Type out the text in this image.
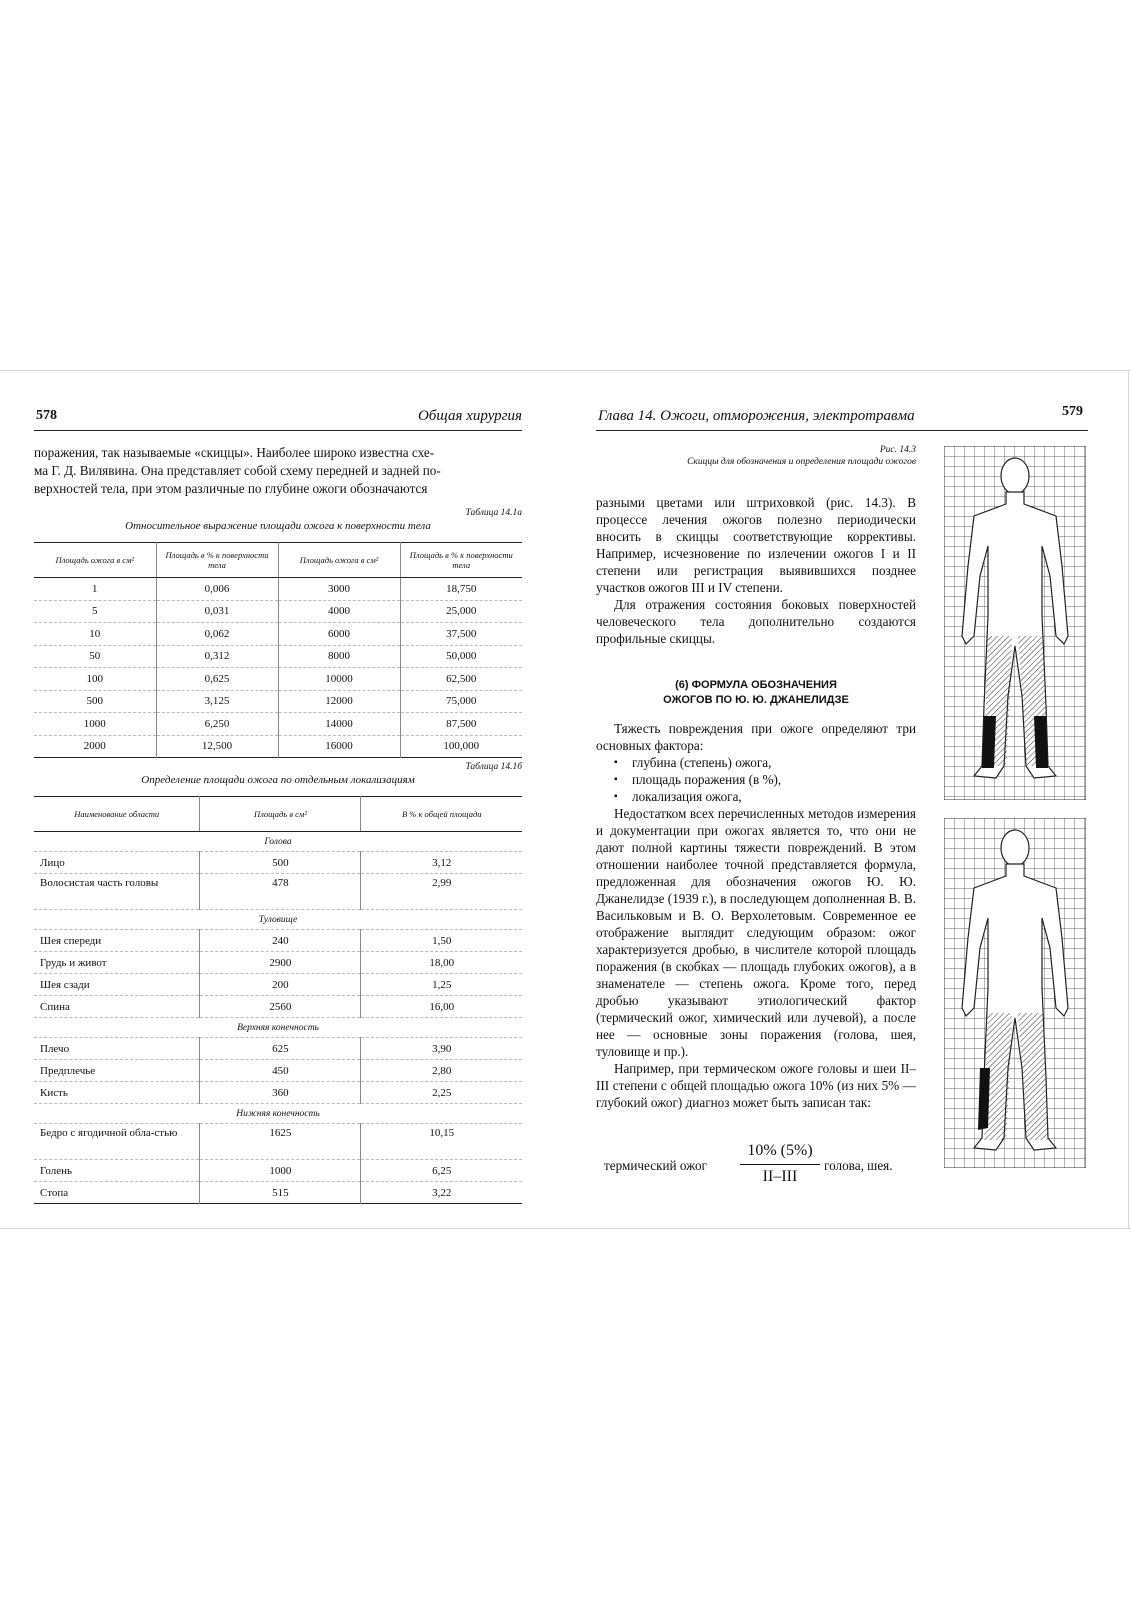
578	Общая хирургия
поражения, так называемые «скиццы». Наиболее широко известна схе-
ма Г. Д. Вилявина. Она представляет собой схему передней и задней по-
верхностей тела, при этом различные по глубине ожоги обозначаются
Таблица 14.1а
Относительное выражение площади ожога к поверхности тела
Площадь ожога в см²	Площадь в % к поверхности тела	Площадь ожога в см²	Площадь в % к поверхности тела
1	0,006	3000	18,750
5	0,031	4000	25,000
10	0,062	6000	37,500
50	0,312	8000	50,000
100	0,625	10000	62,500
500	3,125	12000	75,000
1000	6,250	14000	87,500
2000	12,500	16000	100,000
Таблица 14.1б
Определение площади ожога по отдельным локализациям
Наименование области	Площадь в см²	В % к общей площади
Голова		
Лицо	500	3,12
Волосистая часть головы	478	2,99
Туловище		
Шея спереди	240	1,50
Грудь и живот	2900	18,00
Шея сзади	200	1,25
Спина	2560	16,00
Верхняя конечность		
Плечо	625	3,90
Предплечье	450	2,80
Кисть	360	2,25
Нижняя конечность		
Бедро с ягодичной обла-стью	1625	10,15
Голень	1000	6,25
Стопа	515	3,22
Глава 14. Ожоги, отморожения, электротравма	579
Рис. 14.3
Скиццы для обозначения и определения площади ожогов

разными цветами или штриховкой (рис. 14.3). В процессе лечения ожогов полезно периодически вносить в скиццы соответствующие коррективы. Например, исчезновение по излечении ожогов I и II степени или регистрация выявившихся позднее участков ожогов III и IV степени.

Для отражения состояния боковых поверхностей человеческого тела дополнительно создаются профильные скиццы.

(6) ФОРМУЛА ОБОЗНАЧЕНИЯ
ОЖОГОВ ПО Ю. Ю. ДЖАНЕЛИДЗЕ

Тяжесть повреждения при ожоге определяют три основных фактора:

▪ глубина (степень) ожога,
▪ площадь поражения (в %),
▪ локализация ожога,

Недостатком всех перечисленных методов измерения и документации при ожогах является то, что они не дают полной картины тяжести повреждений. В этом отношении наиболее точной представляется формула, предложенная для обозначения ожогов Ю. Ю. Джанелидзе (1939 г.), в последующем дополненная В. В. Васильковым и В. О. Верхолетовым. Современное ее отображение выглядит следующим образом: ожог характеризуется дробью, в числителе которой площадь поражения (в скобках — площадь глубоких ожогов), а в знаменателе — степень ожога. Кроме того, перед дробью указывают этиологический фактор (термический ожог, химический или лучевой), а после нее — основные зоны поражения (голова, шея, туловище и пр.).

Например, при термическом ожоге головы и шеи II–III степени с общей площадью ожога 10% (из них 5% — глубокий ожог) диагноз может быть записан так:

термический ожог
10% (5%)
II–III
голова, шея.
